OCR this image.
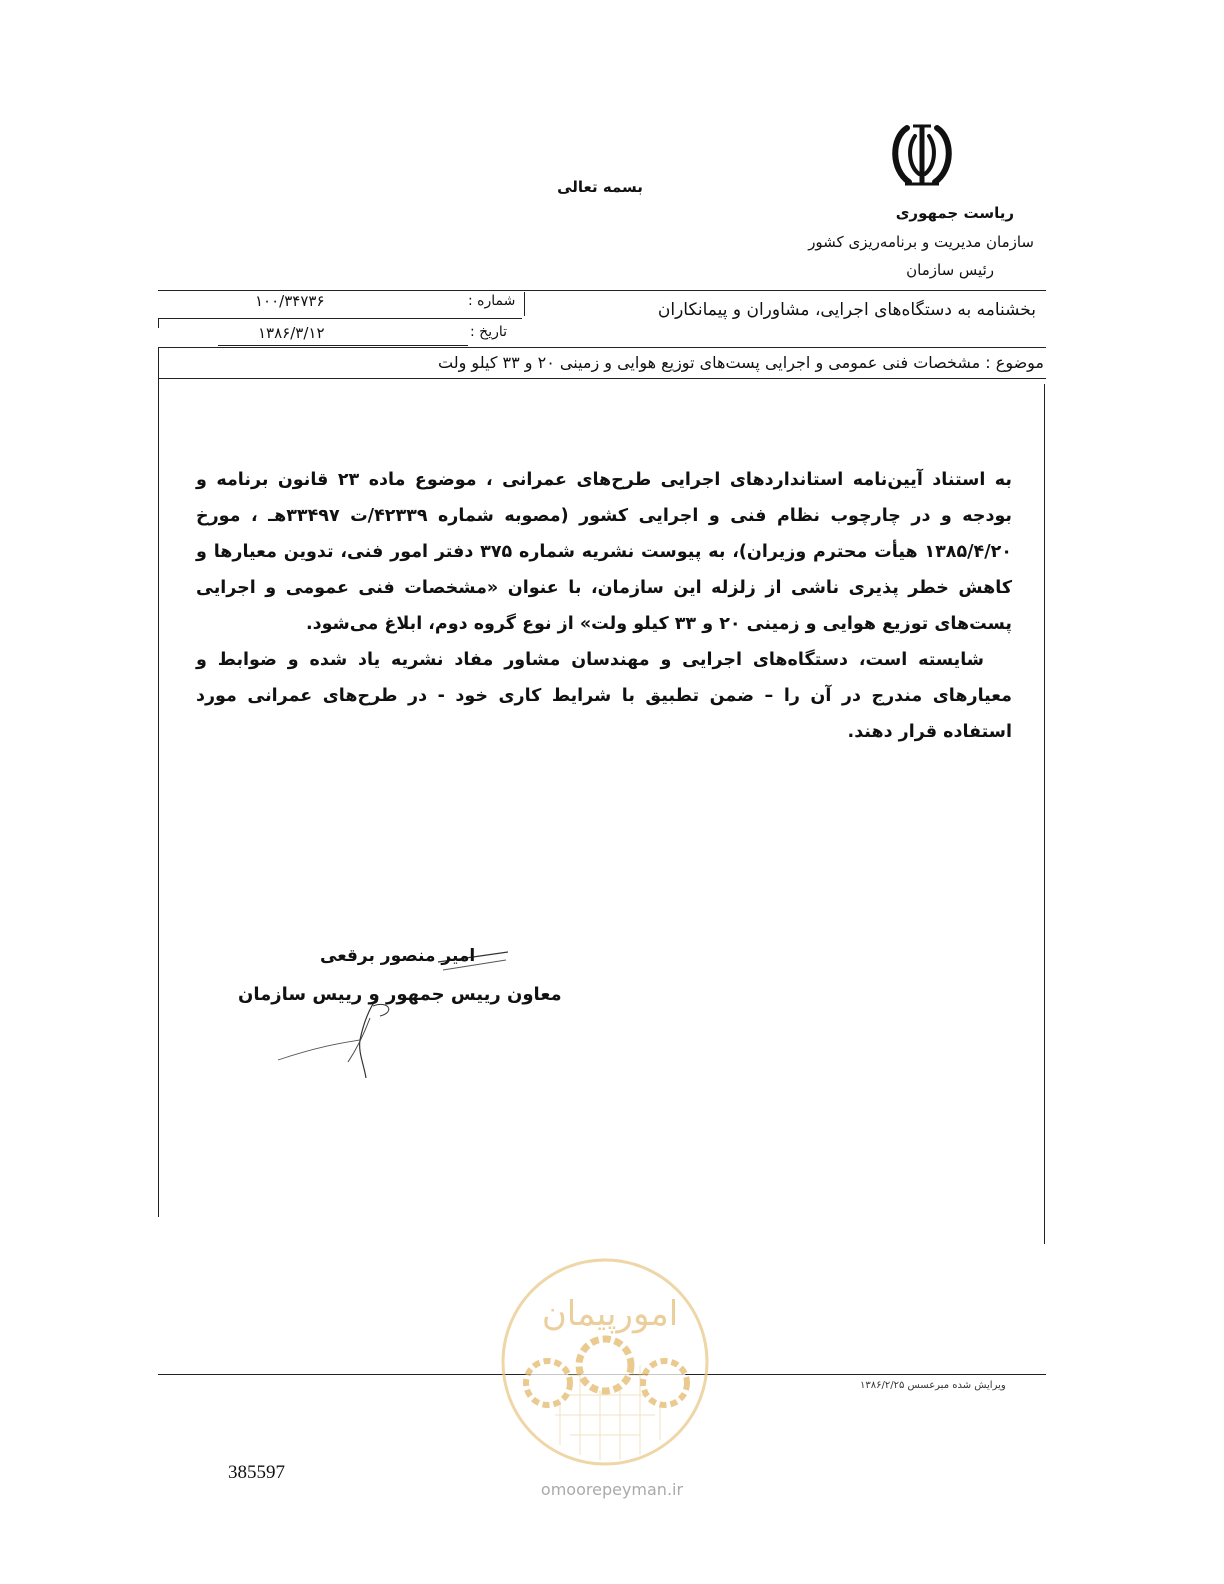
بسمه تعالی
ریاست جمهوری
سازمان مدیریت و برنامه‌ریزی کشور
رئیس سازمان
۱۰۰/۳۴۷۳۶	شماره :
۱۳۸۶/۳/۱۲	تاریخ :
بخشنامه به دستگاه‌های اجرایی، مشاوران و پیمانکاران
موضوع : مشخصات فنی عمومی و اجرایی پست‌های توزیع هوایی و زمینی ۲۰ و ۳۳ کیلو ولت

به استناد آیین‌نامه استانداردهای اجرایی طرح‌های عمرانی ، موضوع ماده ۲۳ قانون برنامه و بودجه و در چارچوب نظام فنی و اجرایی کشور (مصوبه شماره ۴۲۳۳۹/ت ۳۳۴۹۷هـ ، مورخ ۱۳۸۵/۴/۲۰ هیأت محترم وزیران)، به پیوست نشریه شماره ۳۷۵ دفتر امور فنی، تدوین معیارها و کاهش خطر پذیری ناشی از زلزله این سازمان، با عنوان «مشخصات فنی عمومی و اجرایی پست‌های توزیع هوایی و زمینی ۲۰ و ۳۳ کیلو ولت» از نوع گروه دوم، ابلاغ می‌شود.

شایسته است، دستگاه‌های اجرایی و مهندسان مشاور مفاد نشریه یاد شده و ضوابط و معیارهای مندرج در آن را – ضمن تطبیق با شرایط کاری خود - در طرح‌های عمرانی مورد استفاده قرار دهند.

امیر منصور برقعی
معاون رییس جمهور و رییس سازمان
ویرایش شده مبرعسس ۱۳۸۶/۲/۲۵
امورپیمان
omoorepeyman.ir
385597
